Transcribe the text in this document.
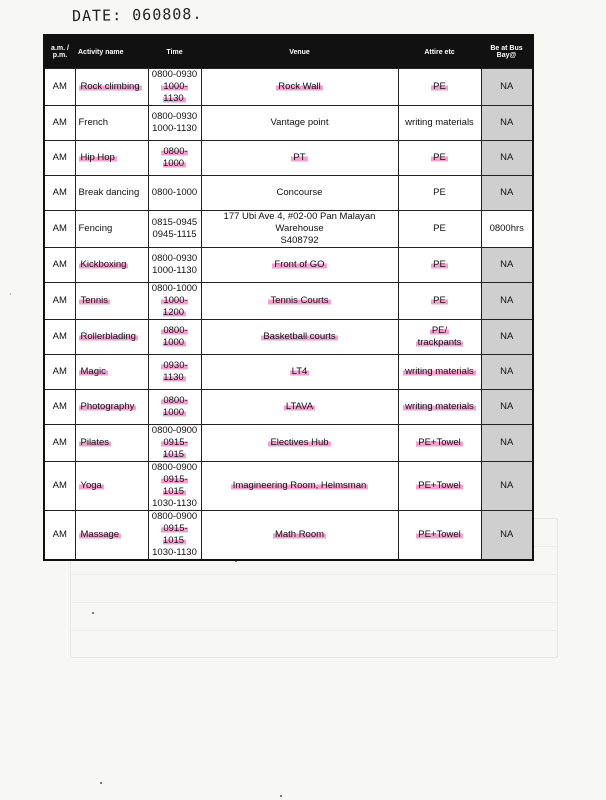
DATE: 060808.
⋅
a.m. / p.m.	Activity name	Time	Venue	Attire etc	Be at Bus Bay@
AM	Rock climbing	0800-0930
1000-1130	Rock Wall	PE	NA
AM	French	0800-0930
1000-1130	Vantage point	writing materials	NA
AM	Hip Hop	0800-1000	PT	PE	NA
AM	Break dancing	0800-1000	Concourse	PE	NA
AM	Fencing	0815-0945
0945-1115	177 Ubi Ave 4, #02-00 Pan Malayan
Warehouse
S408792	PE	0800hrs
AM	Kickboxing	0800-0930
1000-1130	Front of GO	PE	NA
AM	Tennis	0800-1000
1000-1200	Tennis Courts	PE	NA
AM	Rollerblading	0800-1000	Basketball courts	PE/
trackpants	NA
AM	Magic	0930-1130	LT4	writing materials	NA
AM	Photography	0800-1000	LTAVA	writing materials	NA
AM	Pilates	0800-0900
0915-1015	Electives Hub	PE+Towel	NA
AM	Yoga	0800-0900
0915-1015
1030-1130	Imagineering Room, Helmsman	PE+Towel	NA
AM	Massage	0800-0900
0915-1015
1030-1130	Math Room	PE+Towel	NA
